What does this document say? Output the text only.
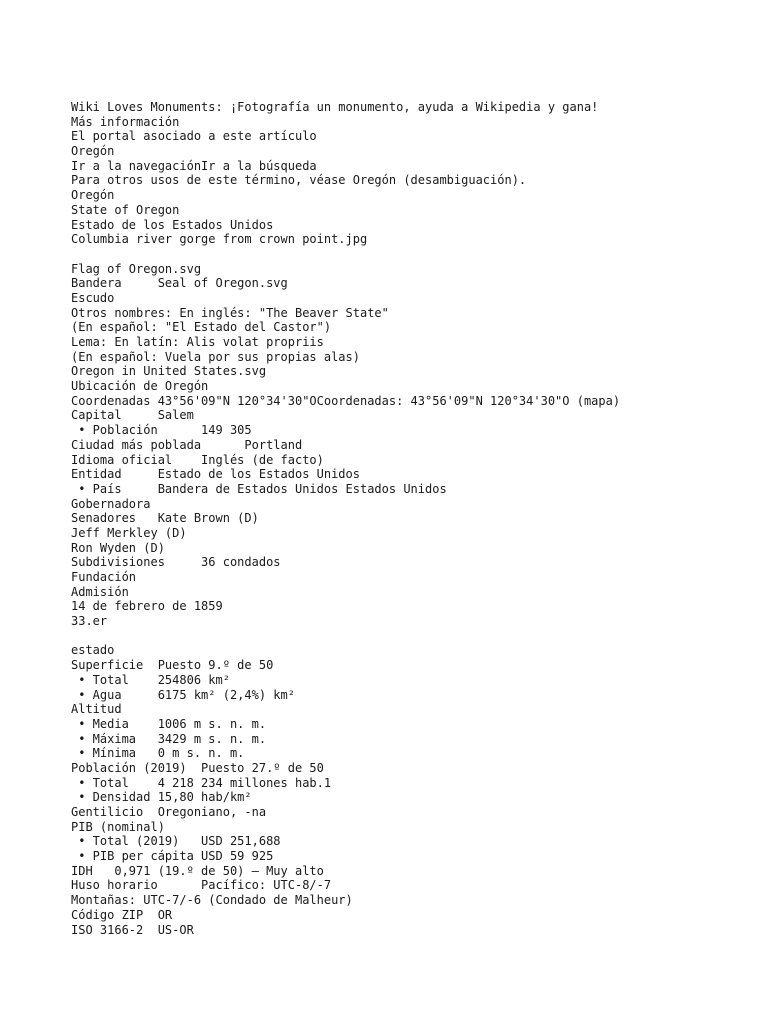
Wiki Loves Monuments: ¡Fotografía un monumento, ayuda a Wikipedia y gana!
Más información
El portal asociado a este artículo
Oregón
Ir a la navegaciónIr a la búsqueda
Para otros usos de este término, véase Oregón (desambiguación).
Oregón
State of Oregon
Estado de los Estados Unidos
Columbia river gorge from crown point.jpg
Flag of Oregon.svg
Bandera     Seal of Oregon.svg
Escudo
Otros nombres: En inglés: "The Beaver State"
(En español: "El Estado del Castor")
Lema: En latín: Alis volat propriis
(En español: Vuela por sus propias alas)
Oregon in United States.svg
Ubicación de Oregón
Coordenadas 43°56'09"N 120°34'30"OCoordenadas: 43°56'09"N 120°34'30"O (mapa)
Capital     Salem
• Población      149 305
Ciudad más poblada      Portland
Idioma oficial    Inglés (de facto)
Entidad     Estado de los Estados Unidos
• País     Bandera de Estados Unidos Estados Unidos
Gobernadora
Senadores   Kate Brown (D)
Jeff Merkley (D)
Ron Wyden (D)
Subdivisiones     36 condados
Fundación
Admisión
14 de febrero de 1859
33.er
estado
Superficie  Puesto 9.º de 50
• Total    254806 km²
• Agua     6175 km² (2,4%) km²
Altitud
• Media    1006 m s. n. m.
• Máxima   3429 m s. n. m.
• Mínima   0 m s. n. m.
Población (2019)  Puesto 27.º de 50
• Total    4 218 234 millones hab.1
• Densidad 15,80 hab/km²
Gentilicio  Oregoniano, -na
PIB (nominal)
• Total (2019)   USD 251,688
• PIB per cápita USD 59 925
IDH   0,971 (19.º de 50) – Muy alto
Huso horario      Pacífico: UTC-8/-7
Montañas: UTC-7/-6 (Condado de Malheur)
Código ZIP  OR
ISO 3166-2  US-OR
